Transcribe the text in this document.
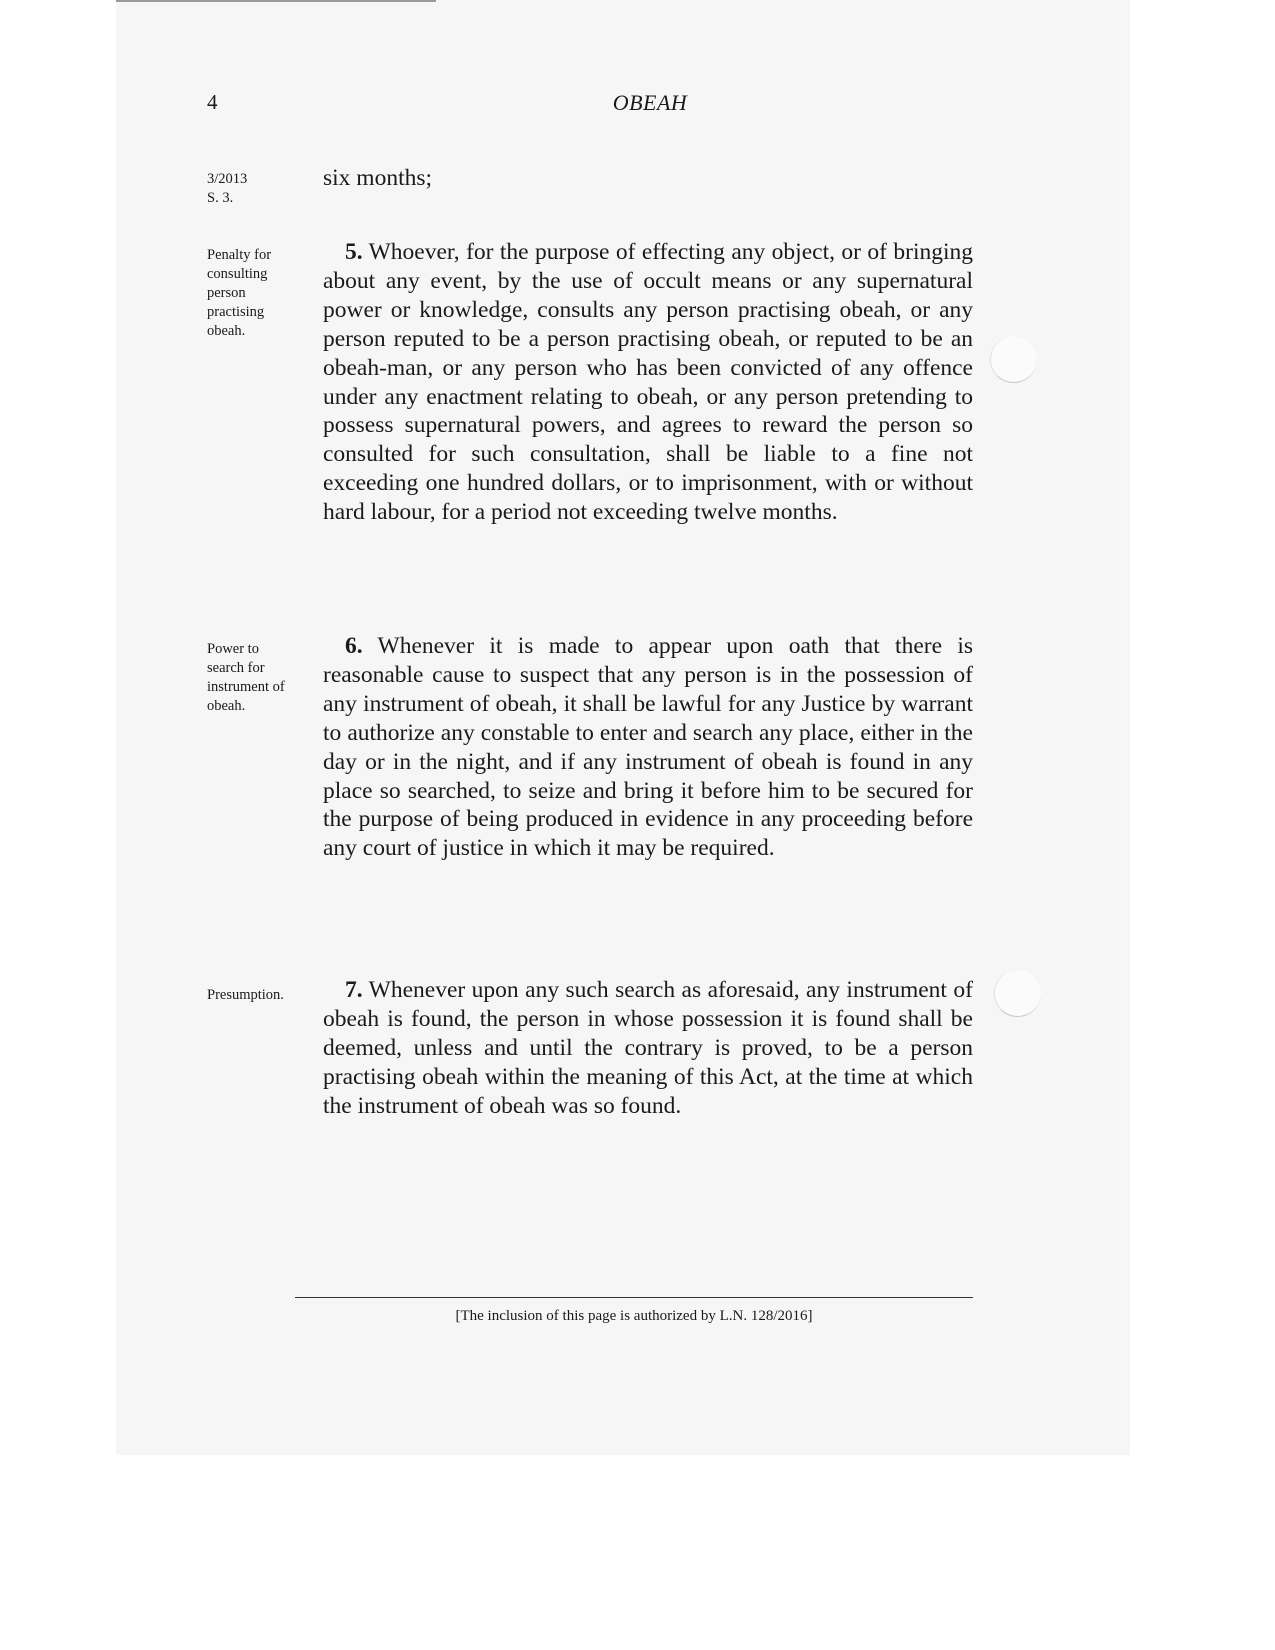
4	OBEAH
3/2013
S. 3.
six months;
Penalty for consulting person practising obeah.
5. Whoever, for the purpose of effecting any object, or of bringing about any event, by the use of occult means or any supernatural power or knowledge, consults any person practising obeah, or any person reputed to be a person practising obeah, or reputed to be an obeah-man, or any person who has been convicted of any offence under any enactment relating to obeah, or any person pretending to possess supernatural powers, and agrees to reward the person so consulted for such consultation, shall be liable to a fine not exceeding one hundred dollars, or to imprisonment, with or without hard labour, for a period not exceeding twelve months.
Power to search for instrument of obeah.
6. Whenever it is made to appear upon oath that there is reasonable cause to suspect that any person is in the possession of any instrument of obeah, it shall be lawful for any Justice by warrant to authorize any constable to enter and search any place, either in the day or in the night, and if any instrument of obeah is found in any place so searched, to seize and bring it before him to be secured for the purpose of being produced in evidence in any proceeding before any court of justice in which it may be required.
Presumption.	7. Whenever upon any such search as aforesaid, any instrument of obeah is found, the person in whose possession it is found shall be deemed, unless and until the contrary is proved, to be a person practising obeah within the meaning of this Act, at the time at which the instrument of obeah was so found.
[The inclusion of this page is authorized by L.N. 128/2016]
